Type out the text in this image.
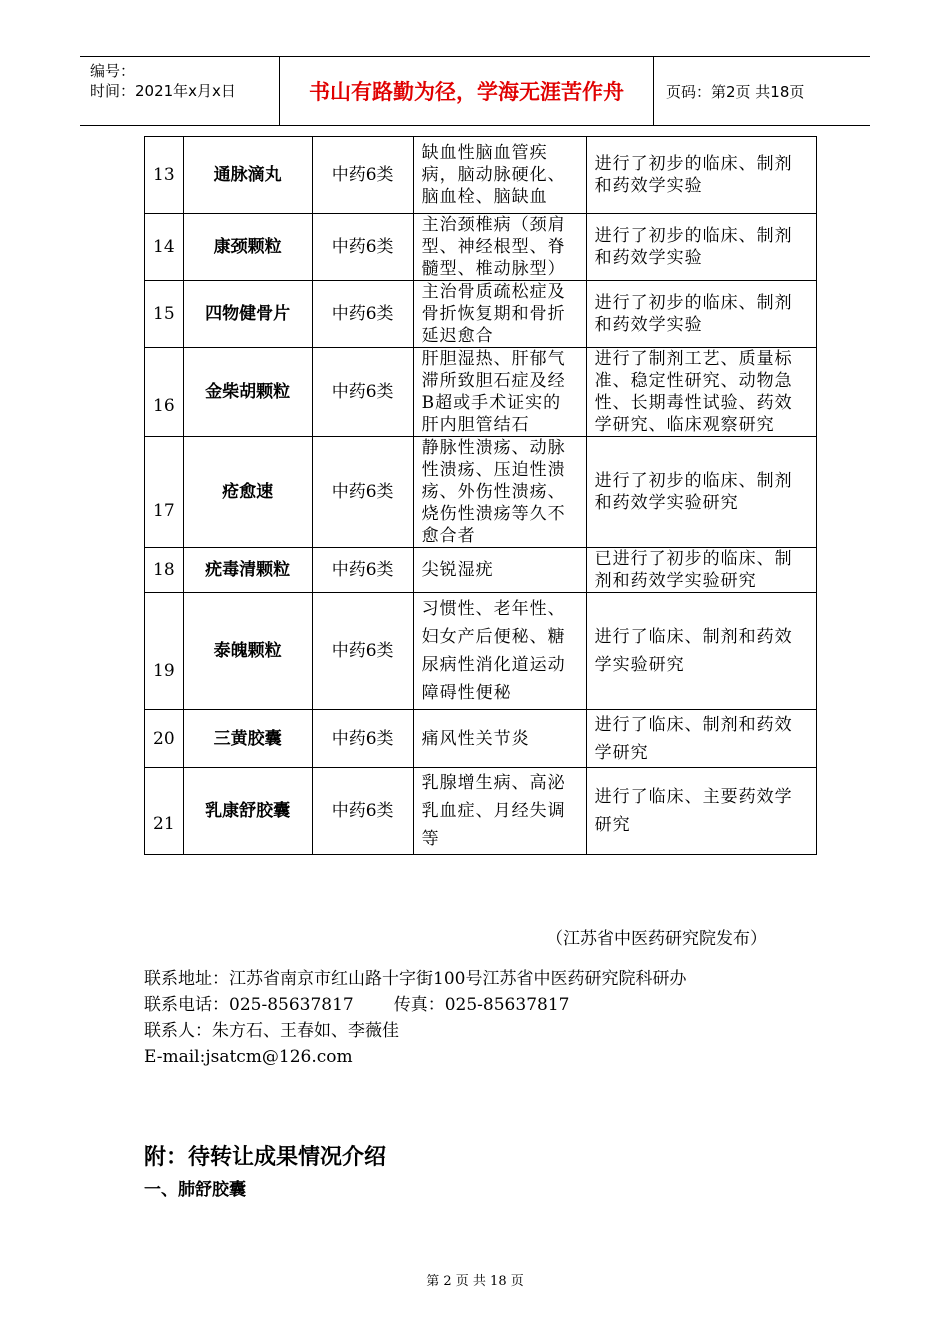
编号：
时间：2021年x月x日	书山有路勤为径，学海无涯苦作舟	页码：第2页 共18页
13	通脉滴丸	中药6类	缺血性脑血管疾病，脑动脉硬化、脑血栓、脑缺血	进行了初步的临床、制剂和药效学实验
14	康颈颗粒	中药6类	主治颈椎病（颈肩型、神经根型、脊髓型、椎动脉型）	进行了初步的临床、制剂和药效学实验
15	四物健骨片	中药6类	主治骨质疏松症及骨折恢复期和骨折延迟愈合	进行了初步的临床、制剂和药效学实验
16	金柴胡颗粒	中药6类	肝胆湿热、肝郁气滞所致胆石症及经B超或手术证实的肝内胆管结石	进行了制剂工艺、质量标准、稳定性研究、动物急性、长期毒性试验、药效学研究、临床观察研究
17	疮愈速	中药6类	静脉性溃疡、动脉性溃疡、压迫性溃疡、外伤性溃疡、烧伤性溃疡等久不愈合者	进行了初步的临床、制剂和药效学实验研究
18	疣毒清颗粒	中药6类	尖锐湿疣	已进行了初步的临床、制剂和药效学实验研究
19	泰魄颗粒	中药6类	习惯性、老年性、妇女产后便秘、糖尿病性消化道运动障碍性便秘	进行了临床、制剂和药效学实验研究
20	三黄胶囊	中药6类	痛风性关节炎	进行了临床、制剂和药效学研究
21	乳康舒胶囊	中药6类	乳腺增生病、高泌乳血症、月经失调等	进行了临床、主要药效学研究
（江苏省中医药研究院发布）
联系地址：江苏省南京市红山路十字街100号江苏省中医药研究院科研办
联系电话：025-85637817 传真：025-85637817
联系人：朱方石、王春如、李薇佳
E-mail:jsatcm@126.com
附：待转让成果情况介绍
一、肺舒胶囊
第 2 页 共 18 页
